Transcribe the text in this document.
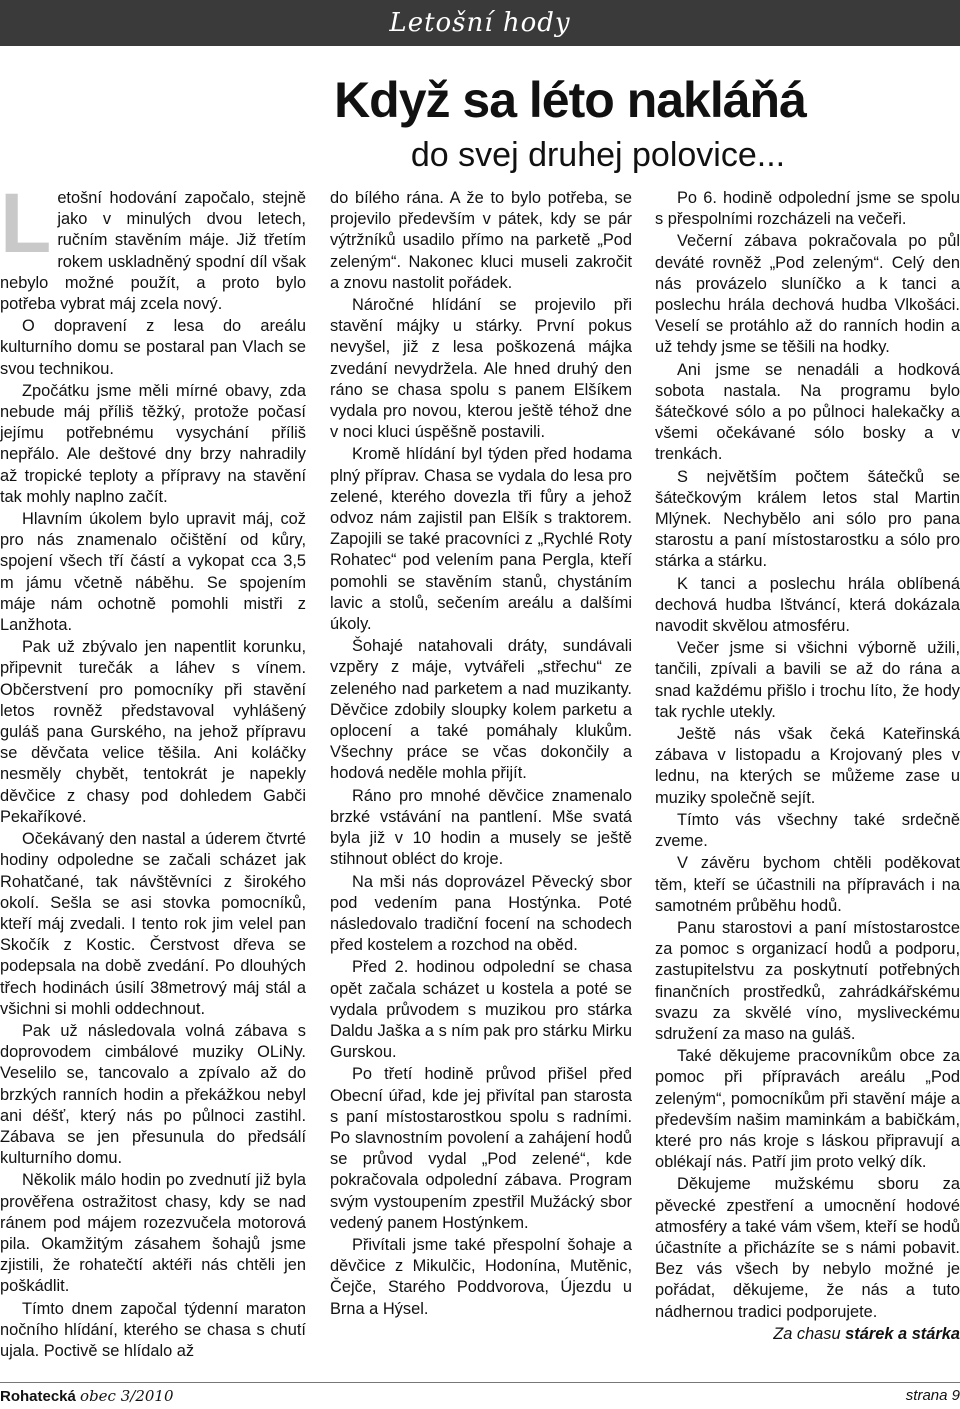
Letošní hody
Když sa léto nakláňá
do svej druhej polovice...

Letošní hodování započalo, stejně jako v minulých dvou letech, ručním stavěním máje. Již třetím rokem uskladněný spodní díl však nebylo možné použít, a proto bylo potřeba vybrat máj zcela nový.

O dopravení z lesa do areálu kulturního domu se postaral pan Vlach se svou technikou.

Zpočátku jsme měli mírné obavy, zda nebude máj příliš těžký, protože počasí jejímu potřebnému vysychání příliš nepřálo. Ale deštové dny brzy nahradily až tropické teploty a přípravy na stavění tak mohly naplno začít.

Hlavním úkolem bylo upravit máj, což pro nás znamenalo očištění od kůry, spojení všech tří částí a vykopat cca 3,5 m jámu včetně náběhu. Se spojením máje nám ochotně pomohli mistři z Lanžhota.

Pak už zbývalo jen napentlit korunku, připevnit turečák a láhev s vínem. Občerstvení pro pomocníky při stavění letos rovněž představoval vyhlášený guláš pana Gurského, na jehož přípravu se děvčata velice těšila. Ani koláčky nesměly chybět, tentokrát je napekly děvčice z chasy pod dohledem Gabči Pekaříkové.

Očekávaný den nastal a úderem čtvrté hodiny odpoledne se začali scházet jak Rohatčané, tak návštěvníci z širokého okolí. Sešla se asi stovka pomocníků, kteří máj zvedali. I tento rok jim velel pan Skočík z Kostic. Čerstvost dřeva se podepsala na době zvedání. Po dlouhých třech hodinách úsilí 38metrový máj stál a všichni si mohli oddechnout.

Pak už následovala volná zábava s doprovodem cimbálové muziky OLiNy. Veselilo se, tancovalo a zpívalo až do brzkých ranních hodin a překážkou nebyl ani déšť, který nás po půlnoci zastihl. Zábava se jen přesunula do předsálí kulturního domu.

Několik málo hodin po zvednutí již byla prověřena ostražitost chasy, kdy se nad ránem pod májem rozezvučela motorová pila. Okamžitým zásahem šohajů jsme zjistili, že rohatečtí aktéři nás chtěli jen poškádlit.

Tímto dnem započal týdenní maraton nočního hlídání, kterého se chasa s chutí ujala. Poctivě se hlídalo až

do bílého rána. A že to bylo potřeba, se projevilo především v pátek, kdy se pár výtržníků usadilo přímo na parketě „Pod zeleným“. Nakonec kluci museli zakročit a znovu nastolit pořádek.

Náročné hlídání se projevilo při stavění májky u stárky. První pokus nevyšel, již z lesa poškozená májka zvedání nevydržela. Ale hned druhý den ráno se chasa spolu s panem Elšíkem vydala pro novou, kterou ještě téhož dne v noci kluci úspěšně postavili.

Kromě hlídání byl týden před hodama plný příprav. Chasa se vydala do lesa pro zelené, kterého dovezla tři fůry a jehož odvoz nám zajistil pan Elšík s traktorem. Zapojili se také pracovníci z „Rychlé Roty Rohatec“ pod velením pana Pergla, kteří pomohli se stavěním stanů, chystáním lavic a stolů, sečením areálu a dalšími úkoly.

Šohajé natahovali dráty, sundávali vzpěry z máje, vytvářeli „střechu“ ze zeleného nad parketem a nad muzikanty. Děvčice zdobily sloupky kolem parketu a oplocení a také pomáhaly klukům. Všechny práce se včas dokončily a hodová neděle mohla přijít.

Ráno pro mnohé děvčice znamenalo brzké vstávání na pantlení. Mše svatá byla již v 10 hodin a musely se ještě stihnout obléct do kroje.

Na mši nás doprovázel Pěvecký sbor pod vedením pana Hostýnka. Poté následovalo tradiční focení na schodech před kostelem a rozchod na oběd.

Před 2. hodinou odpolední se chasa opět začala scházet u kostela a poté se vydala průvodem s muzikou pro stárka Daldu Jaška a s ním pak pro stárku Mirku Gurskou.

Po třetí hodině průvod přišel před Obecní úřad, kde jej přivítal pan starosta s paní místostarostkou spolu s radními. Po slavnostním povolení a zahájení hodů se průvod vydal „Pod zelené“, kde pokračovala odpolední zábava. Program svým vystoupením zpestřil Mužácký sbor vedený panem Hostýnkem.

Přivítali jsme také přespolní šohaje a děvčice z Mikulčic, Hodonína, Mutěnic, Čejče, Starého Poddvorova, Újezdu u Brna a Hýsel.

Po 6. hodině odpolední jsme se spolu s přespolními rozcházeli na večeři.

Večerní zábava pokračovala po půl deváté rovněž „Pod zeleným“. Celý den nás provázelo sluníčko a k tanci a poslechu hrála dechová hudba Vlkošáci. Veselí se protáhlo až do ranních hodin a už tehdy jsme se těšili na hodky.

Ani jsme se nenadáli a hodková sobota nastala. Na programu bylo šátečkové sólo a po půlnoci halekačky a všemi očekávané sólo bosky a v trenkách.

S největším počtem šátečků se šátečkovým králem letos stal Martin Mlýnek. Nechybělo ani sólo pro pana starostu a paní místostarostku a sólo pro stárka a stárku.

K tanci a poslechu hrála oblíbená dechová hudba Ištváncí, která dokázala navodit skvělou atmosféru.

Večer jsme si všichni výborně užili, tančili, zpívali a bavili se až do rána a snad každému přišlo i trochu líto, že hody tak rychle utekly.

Ještě nás však čeká Kateřinská zábava v listopadu a Krojovaný ples v lednu, na kterých se můžeme zase u muziky společně sejít.

Tímto vás všechny také srdečně zveme.

V závěru bychom chtěli poděkovat těm, kteří se účastnili na přípravách i na samotném průběhu hodů.

Panu starostovi a paní místostarostce za pomoc s organizací hodů a podporu, zastupitelstvu za poskytnutí potřebných finančních prostředků, zahrádkářskému svazu za skvělé víno, mysliveckému sdružení za maso na guláš.

Také děkujeme pracovníkům obce za pomoc při přípravách areálu „Pod zeleným“, pomocníkům při stavění máje a především našim maminkám a babičkám, které pro nás kroje s láskou připravují a oblékají nás. Patří jim proto velký dík.

Děkujeme mužskému sboru za pěvecké zpestření a umocnění hodové atmosféry a také vám všem, kteří se hodů účastníte a přicházíte se s námi pobavit. Bez vás všech by nebylo možné je pořádat, děkujeme, že nás a tuto nádhernou tradici podporujete.

Za chasu stárek a stárka

Rohatecká obec 3/2010	strana 9
